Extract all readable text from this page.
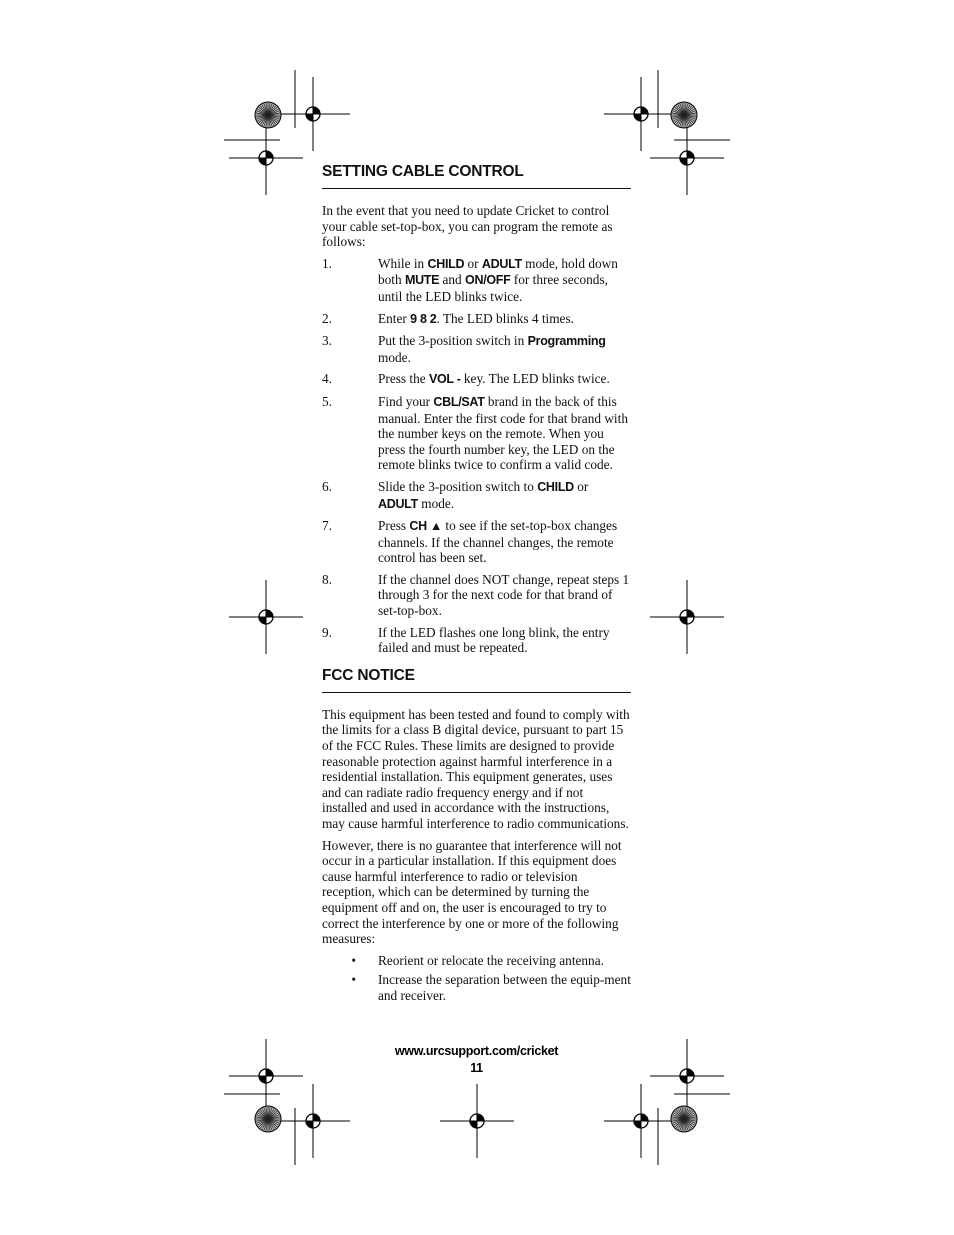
SETTING CABLE CONTROL

In the event that you need to update Cricket to control your cable set-top-box, you can program the remote as follows:

1.	While in CHILD or ADULT mode, hold down both MUTE and ON/OFF for three seconds, until the LED blinks twice.
2.	Enter 9 8 2. The LED blinks 4 times.
3.	Put the 3-position switch in Programming mode.
4.	Press the VOL - key. The LED blinks twice.
5.	Find your CBL/SAT brand in the back of this manual. Enter the first code for that brand with the number keys on the remote. When you press the fourth number key, the LED on the remote blinks twice to confirm a valid code.
6.	Slide the 3-position switch to CHILD or ADULT mode.
7.	Press CH ▲ to see if the set-top-box changes channels. If the channel changes, the remote control has been set.
8.	If the channel does NOT change, repeat steps 1 through 3 for the next code for that brand of set-top-box.
9.	If the LED flashes one long blink, the entry failed and must be repeated.
FCC NOTICE

This equipment has been tested and found to comply with the limits for a class B digital device, pursuant to part 15 of the FCC Rules. These limits are designed to provide reasonable protection against harmful interference in a residential installation. This equipment generates, uses and can radiate radio frequency energy and if not installed and used in accordance with the instructions, may cause harmful interference to radio communications.

However, there is no guarantee that interference will not occur in a particular installation. If this equipment does cause harmful interference to radio or television reception, which can be determined by turning the equipment off and on, the user is encouraged to try to correct the interference by one or more of the following measures:

•	Reorient or relocate the receiving antenna.
•	Increase the separation between the equip-ment and receiver.
www.urcsupport.com/cricket
11
